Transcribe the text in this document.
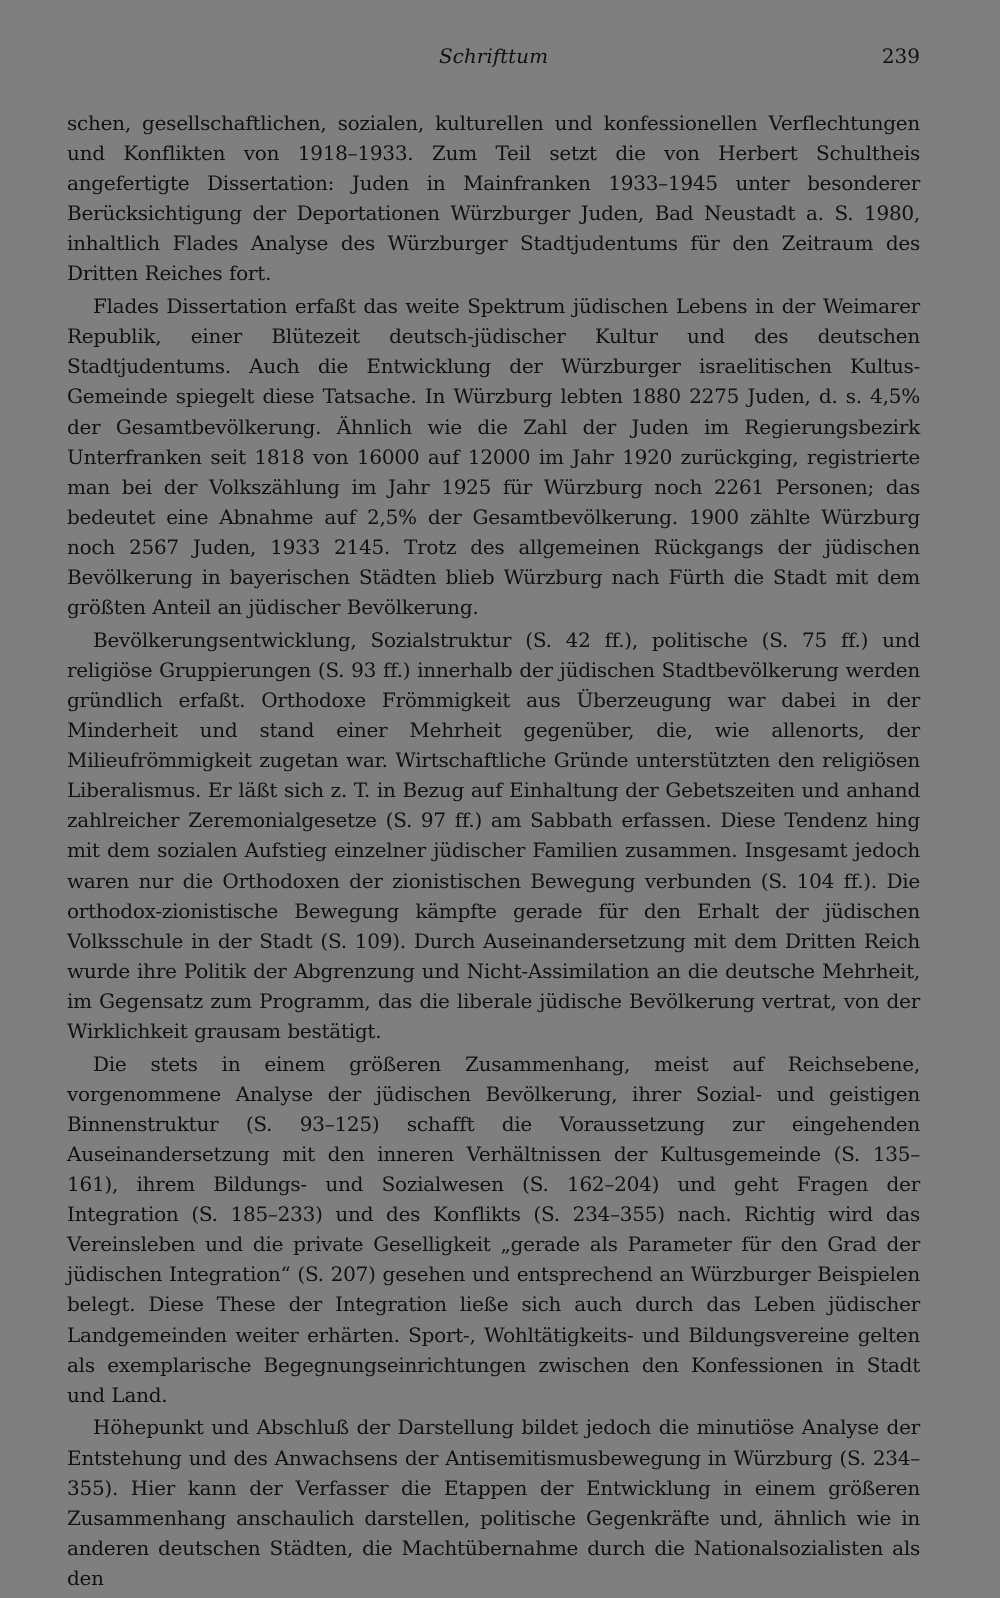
Schrifttum	239

schen, gesellschaftlichen, sozialen, kulturellen und konfessionellen Verflechtungen und Konflikten von 1918–1933. Zum Teil setzt die von Herbert Schultheis angefertigte Dissertation: Juden in Mainfranken 1933–1945 unter besonderer Berücksichtigung der Deportationen Würzburger Juden, Bad Neustadt a. S. 1980, inhaltlich Flades Analyse des Würzburger Stadtjudentums für den Zeitraum des Dritten Reiches fort.

Flades Dissertation erfaßt das weite Spektrum jüdischen Lebens in der Weimarer Republik, einer Blütezeit deutsch-jüdischer Kultur und des deutschen Stadtjudentums. Auch die Entwicklung der Würzburger israelitischen Kultus-Gemeinde spiegelt diese Tatsache. In Würzburg lebten 1880 2275 Juden, d. s. 4,5% der Gesamtbevölkerung. Ähnlich wie die Zahl der Juden im Regierungsbezirk Unterfranken seit 1818 von 16000 auf 12000 im Jahr 1920 zurückging, registrierte man bei der Volkszählung im Jahr 1925 für Würzburg noch 2261 Personen; das bedeutet eine Abnahme auf 2,5% der Gesamtbevölkerung. 1900 zählte Würzburg noch 2567 Juden, 1933 2145. Trotz des allgemeinen Rückgangs der jüdischen Bevölkerung in bayerischen Städten blieb Würzburg nach Fürth die Stadt mit dem größten Anteil an jüdischer Bevölkerung.

Bevölkerungsentwicklung, Sozialstruktur (S. 42 ff.), politische (S. 75 ff.) und religiöse Gruppierungen (S. 93 ff.) innerhalb der jüdischen Stadtbevölkerung werden gründlich erfaßt. Orthodoxe Frömmigkeit aus Überzeugung war dabei in der Minderheit und stand einer Mehrheit gegenüber, die, wie allenorts, der Milieufrömmigkeit zugetan war. Wirtschaftliche Gründe unterstützten den religiösen Liberalismus. Er läßt sich z. T. in Bezug auf Einhaltung der Gebetszeiten und anhand zahlreicher Zeremonialgesetze (S. 97 ff.) am Sabbath erfassen. Diese Tendenz hing mit dem sozialen Aufstieg einzelner jüdischer Familien zusammen. Insgesamt jedoch waren nur die Orthodoxen der zionistischen Bewegung verbunden (S. 104 ff.). Die orthodox-zionistische Bewegung kämpfte gerade für den Erhalt der jüdischen Volksschule in der Stadt (S. 109). Durch Auseinandersetzung mit dem Dritten Reich wurde ihre Politik der Abgrenzung und Nicht-Assimilation an die deutsche Mehrheit, im Gegensatz zum Programm, das die liberale jüdische Bevölkerung vertrat, von der Wirklichkeit grausam bestätigt.

Die stets in einem größeren Zusammenhang, meist auf Reichsebene, vorgenommene Analyse der jüdischen Bevölkerung, ihrer Sozial- und geistigen Binnenstruktur (S. 93–125) schafft die Voraussetzung zur eingehenden Auseinandersetzung mit den inneren Verhältnissen der Kultusgemeinde (S. 135–161), ihrem Bildungs- und Sozialwesen (S. 162–204) und geht Fragen der Integration (S. 185–233) und des Konflikts (S. 234–355) nach. Richtig wird das Vereinsleben und die private Geselligkeit „gerade als Parameter für den Grad der jüdischen Integration“ (S. 207) gesehen und entsprechend an Würzburger Beispielen belegt. Diese These der Integration ließe sich auch durch das Leben jüdischer Landgemeinden weiter erhärten. Sport-, Wohltätigkeits- und Bildungsvereine gelten als exemplarische Begegnungseinrichtungen zwischen den Konfessionen in Stadt und Land.

Höhepunkt und Abschluß der Darstellung bildet jedoch die minutiöse Analyse der Entstehung und des Anwachsens der Antisemitismusbewegung in Würzburg (S. 234–355). Hier kann der Verfasser die Etappen der Entwicklung in einem größeren Zusammenhang anschaulich darstellen, politische Gegenkräfte und, ähnlich wie in anderen deutschen Städten, die Machtübernahme durch die Nationalsozialisten als den
